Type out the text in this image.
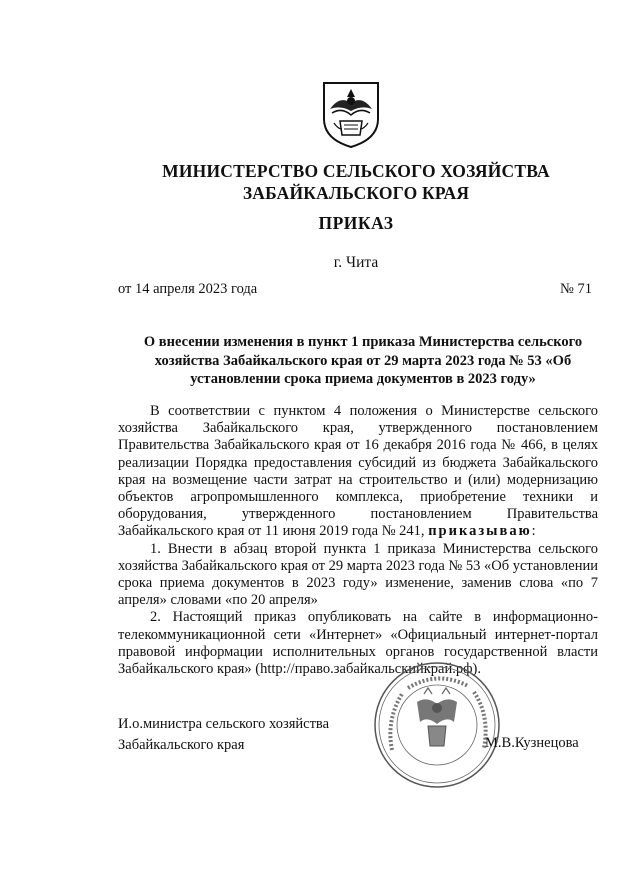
МИНИСТЕРСТВО СЕЛЬСКОГО ХОЗЯЙСТВА
ЗАБАЙКАЛЬСКОГО КРАЯ
ПРИКАЗ
г. Чита
от 14 апреля 2023 года	№ 71
О внесении изменения в пункт 1 приказа Министерства сельского хозяйства Забайкальского края от 29 марта 2023 года № 53 «Об установлении срока приема документов в 2023 году»

В соответствии с пунктом 4 положения о Министерстве сельского хозяйства Забайкальского края, утвержденного постановлением Правительства Забайкальского края от 16 декабря 2016 года № 466, в целях реализации Порядка предоставления субсидий из бюджета Забайкальского края на возмещение части затрат на строительство и (или) модернизацию объектов агропромышленного комплекса, приобретение техники и оборудования, утвержденного постановлением Правительства Забайкальского края от 11 июня 2019 года № 241, приказываю:

1. Внести в абзац второй пункта 1 приказа Министерства сельского хозяйства Забайкальского края от 29 марта 2023 года № 53 «Об установлении срока приема документов в 2023 году» изменение, заменив слова «по 7 апреля» словами «по 20 апреля»

2. Настоящий приказ опубликовать на сайте в информационно-телекоммуникационной сети «Интернет» «Официальный интернет-портал правовой информации исполнительных органов государственной власти Забайкальского края» (http://право.забайкальскийкрай.рф).

И.о.министра сельского хозяйства
Забайкальского края	М.В.Кузнецова
